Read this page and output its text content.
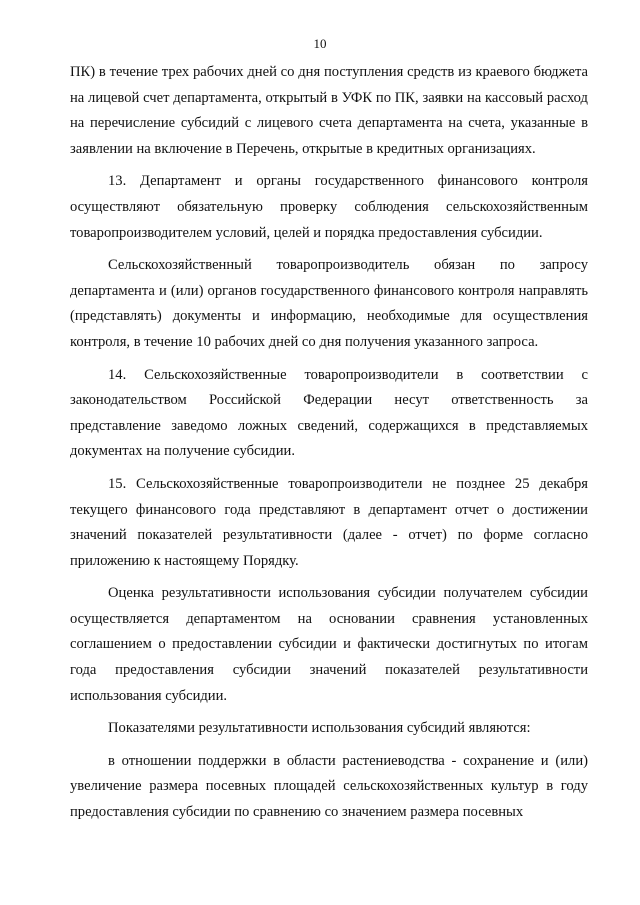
10

ПК) в течение трех рабочих дней со дня поступления средств из краевого бюджета на лицевой счет департамента, открытый в УФК по ПК, заявки на кассовый расход на перечисление субсидий с лицевого счета департамента на счета, указанные в заявлении на включение в Перечень, открытые в кредитных организациях.

13. Департамент и органы государственного финансового контроля осуществляют обязательную проверку соблюдения сельскохозяйственным товаропроизводителем условий, целей и порядка предоставления субсидии.

Сельскохозяйственный товаропроизводитель обязан по запросу департамента и (или) органов государственного финансового контроля направлять (представлять) документы и информацию, необходимые для осуществления контроля, в течение 10 рабочих дней со дня получения указанного запроса.

14. Сельскохозяйственные товаропроизводители в соответствии с законодательством Российской Федерации несут ответственность за представление заведомо ложных сведений, содержащихся в представляемых документах на получение субсидии.

15. Сельскохозяйственные товаропроизводители не позднее 25 декабря текущего финансового года представляют в департамент отчет о достижении значений показателей результативности (далее - отчет) по форме согласно приложению к настоящему Порядку.

Оценка результативности использования субсидии получателем субсидии осуществляется департаментом на основании сравнения установленных соглашением о предоставлении субсидии и фактически достигнутых по итогам года предоставления субсидии значений показателей результативности использования субсидии.

Показателями результативности использования субсидий являются:

в отношении поддержки в области растениеводства - сохранение и (или) увеличение размера посевных площадей сельскохозяйственных культур в году предоставления субсидии по сравнению со значением размера посевных
